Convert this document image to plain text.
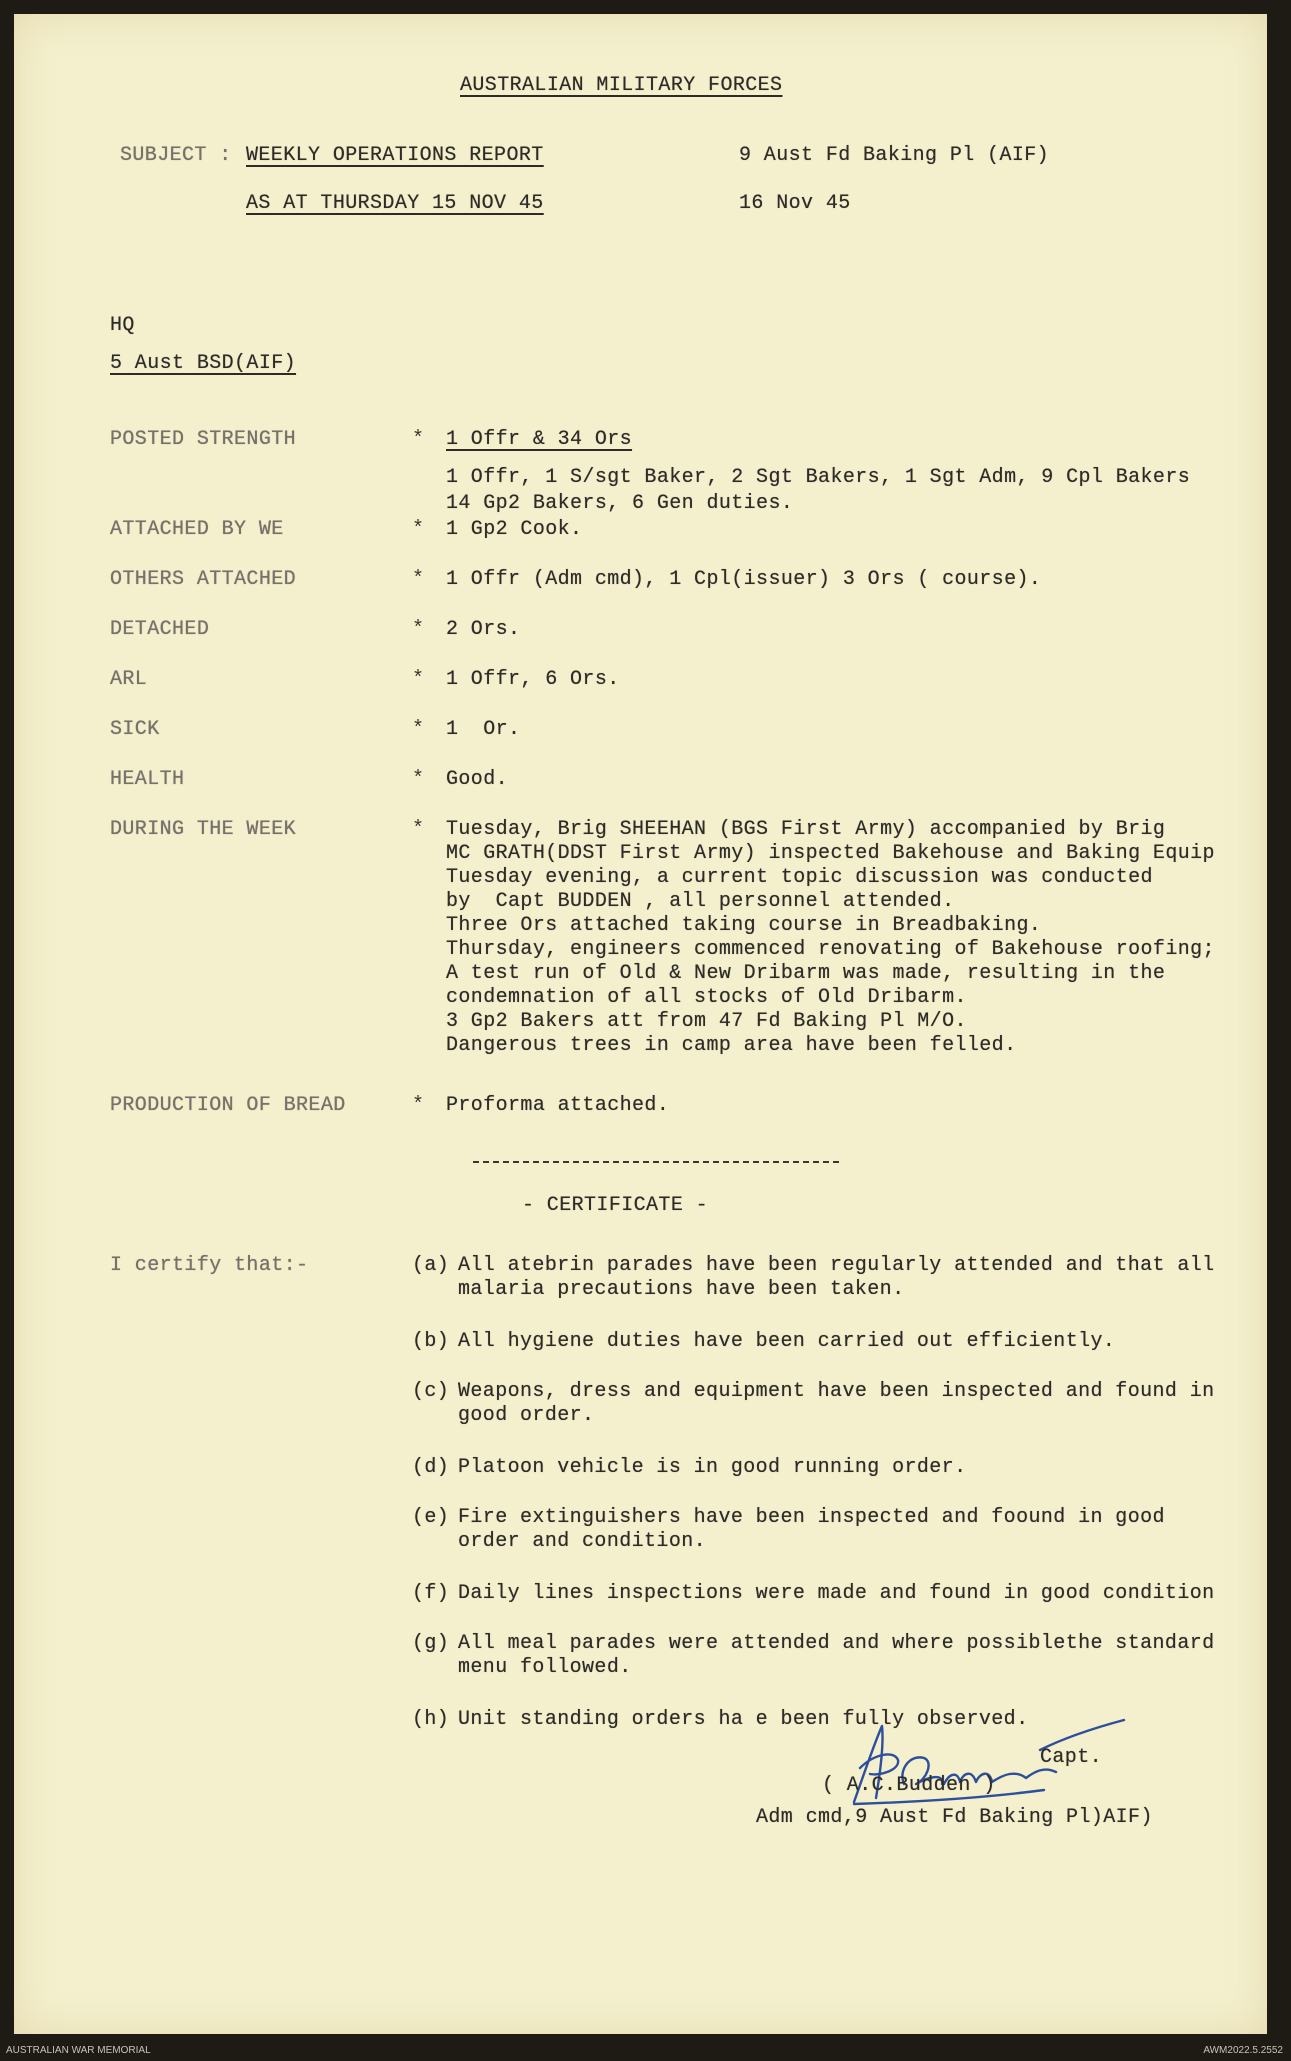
AUSTRALIAN MILITARY FORCES
SUBJECT : WEEKLY OPERATIONS REPORT
AS AT THURSDAY 15 NOV 45
9 Aust Fd Baking Pl (AIF)
16 Nov 45
HQ
5 Aust BSD(AIF)
POSTED STRENGTH	* 1 Offr & 34 Ors
1 Offr, 1 S/sgt Baker, 2 Sgt Bakers, 1 Sgt Adm, 9 Cpl Bakers
14 Gp2 Bakers, 6 Gen duties.
ATTACHED BY WE	* 1 Gp2 Cook.
OTHERS ATTACHED	* 1 Offr (Adm cmd), 1 Cpl(issuer) 3 Ors ( course).
DETACHED	* 2 Ors.
ARL	* 1 Offr, 6 Ors.
SICK	* 1  Or.
HEALTH	* Good.
DURING THE WEEK	* Tuesday, Brig SHEEHAN (BGS First Army) accompanied by Brig
MC GRATH(DDST First Army) inspected Bakehouse and Baking Equip
Tuesday evening, a current topic discussion was conducted
by  Capt BUDDEN , all personnel attended.
Three Ors attached taking course in Breadbaking.
Thursday, engineers commenced renovating of Bakehouse roofing;
A test run of Old & New Dribarm was made, resulting in the
condemnation of all stocks of Old Dribarm.
3 Gp2 Bakers att from 47 Fd Baking Pl M/O.
Dangerous trees in camp area have been felled.
PRODUCTION OF BREAD	* Proforma attached.
- CERTIFICATE -
I certify that:-	(a) All atebrin parades have been regularly attended and that all
malaria precautions have been taken.
(b) All hygiene duties have been carried out efficiently.
(c) Weapons, dress and equipment have been inspected and found in
good order.
(d) Platoon vehicle is in good running order.
(e) Fire extinguishers have been inspected and foound in good
order and condition.
(f) Daily lines inspections were made and found in good condition
(g) All meal parades were attended and where possiblethe standard
menu followed.
(h) Unit standing orders ha e been fully observed.
Capt.
( A.C.Budden )
Adm cmd,9 Aust Fd Baking Pl)AIF)
AUSTRALIAN WAR MEMORIAL	AWM2022.5.2552
